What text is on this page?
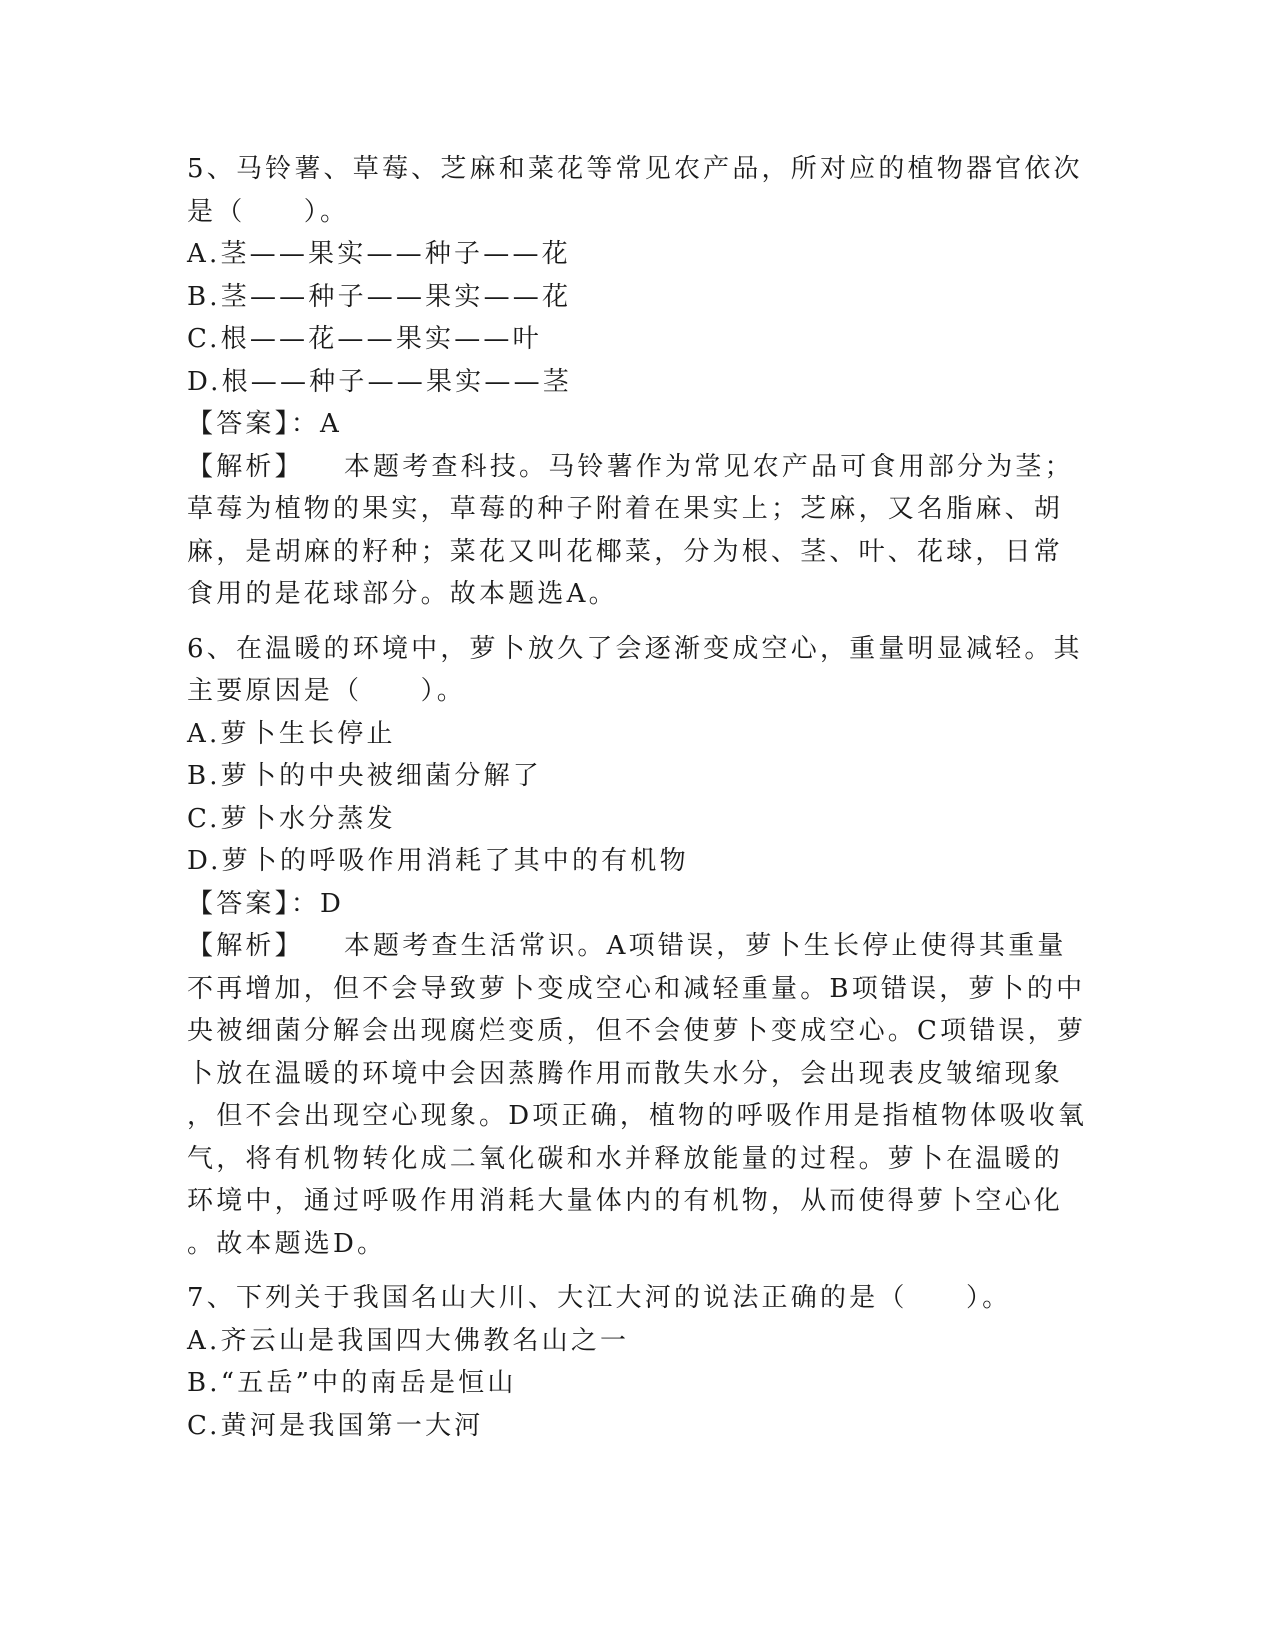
5、马铃薯、草莓、芝麻和菜花等常见农产品，所对应的植物器官依次
是（　　）。
A.茎——果实——种子——花
B.茎——种子——果实——花
C.根——花——果实——叶
D.根——种子——果实——茎
【答案】：A
【解析】 本题考查科技。马铃薯作为常见农产品可食用部分为茎；
草莓为植物的果实，草莓的种子附着在果实上；芝麻，又名脂麻、胡
麻，是胡麻的籽种；菜花又叫花椰菜，分为根、茎、叶、花球，日常
食用的是花球部分。故本题选A。
6、在温暖的环境中，萝卜放久了会逐渐变成空心，重量明显减轻。其
主要原因是（　　）。
A.萝卜生长停止
B.萝卜的中央被细菌分解了
C.萝卜水分蒸发
D.萝卜的呼吸作用消耗了其中的有机物
【答案】：D
【解析】 本题考查生活常识。A项错误，萝卜生长停止使得其重量
不再增加，但不会导致萝卜变成空心和减轻重量。B项错误，萝卜的中
央被细菌分解会出现腐烂变质，但不会使萝卜变成空心。C项错误，萝
卜放在温暖的环境中会因蒸腾作用而散失水分，会出现表皮皱缩现象
，但不会出现空心现象。D项正确，植物的呼吸作用是指植物体吸收氧
气，将有机物转化成二氧化碳和水并释放能量的过程。萝卜在温暖的
环境中，通过呼吸作用消耗大量体内的有机物，从而使得萝卜空心化
。故本题选D。
7、下列关于我国名山大川、大江大河的说法正确的是（　　）。
A.齐云山是我国四大佛教名山之一
B.“五岳”中的南岳是恒山
C.黄河是我国第一大河
